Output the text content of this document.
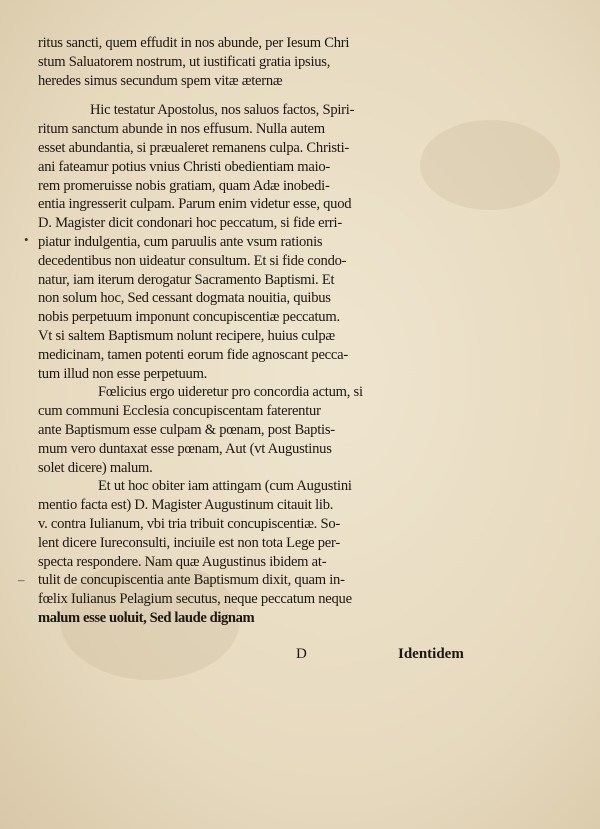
•
–
ritus sancti, quem effudit in nos abunde, per Iesum Chri
stum Saluatorem nostrum, ut iustificati gratia ipsius,
heredes simus secundum spem vitæ æternæ
Hic testatur Apostolus, nos saluos factos, Spiri-
ritum sanctum abunde in nos effusum. Nulla autem
esset abundantia, si præualeret remanens culpa. Christi-
ani fateamur potius vnius Christi obedientiam maio-
rem promeruisse nobis gratiam, quam Adæ inobedi-
entia ingresserit culpam. Parum enim videtur esse, quod
D. Magister dicit condonari hoc peccatum, si fide erri-
piatur indulgentia, cum paruulis ante vsum rationis
decedentibus non uideatur consultum. Et si fide condo-
natur, iam iterum derogatur Sacramento Baptismi. Et
non solum hoc, Sed cessant dogmata nouitia, quibus
nobis perpetuum imponunt concupiscentiæ peccatum.
Vt si saltem Baptismum nolunt recipere, huius culpæ
medicinam, tamen potenti eorum fide agnoscant pecca-
tum illud non esse perpetuum.
Fœlicius ergo uideretur pro concordia actum, si
cum communi Ecclesia concupiscentam faterentur
ante Baptismum esse culpam & pœnam, post Baptis-
mum vero duntaxat esse pœnam, Aut (vt Augustinus
solet dicere) malum.
Et ut hoc obiter iam attingam (cum Augustini
mentio facta est) D. Magister Augustinum citauit lib.
v. contra Iulianum, vbi tria tribuit concupiscentiæ. So-
lent dicere Iureconsulti, inciuile est non tota Lege per-
specta respondere. Nam quæ Augustinus ibidem at-
tulit de concupiscentia ante Baptismum dixit, quam in-
fœlix Iulianus Pelagium secutus, neque peccatum neque
malum esse uoluit, Sed laude dignam
D	Identidem
